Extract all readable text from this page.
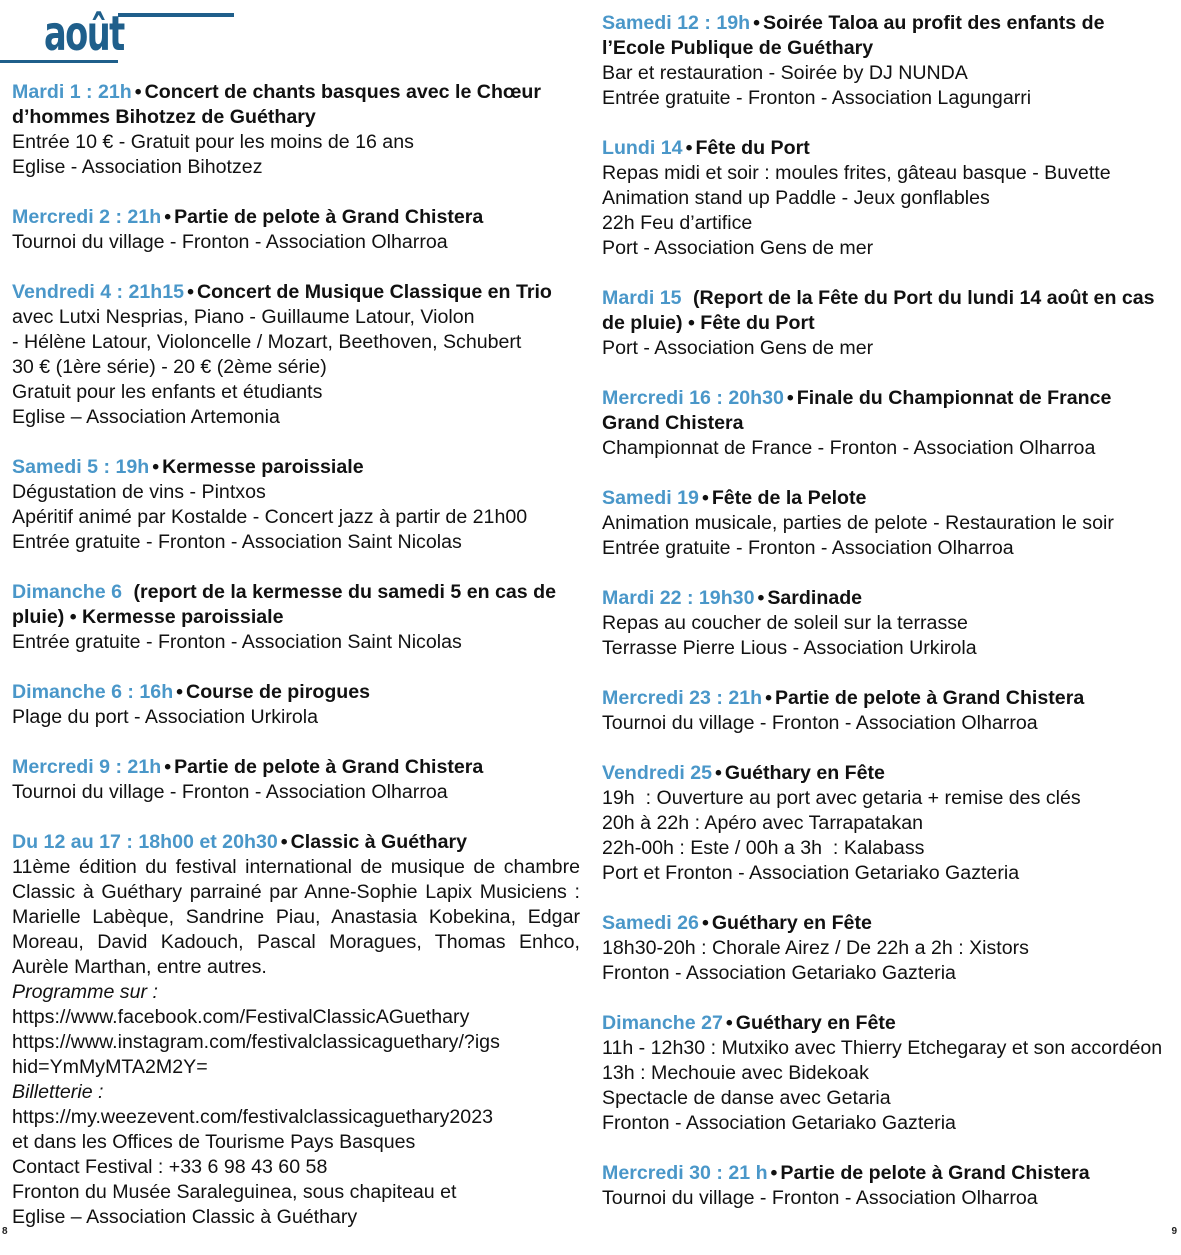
août
Mardi 1 : 21h • Concert de chants basques avec le Chœur d’hommes Bihotzez de Guéthary
Entrée 10 € - Gratuit pour les moins de 16 ans
Eglise - Association Bihotzez
Mercredi 2 : 21h • Partie de pelote à Grand Chistera
Tournoi du village - Fronton - Association Olharroa
Vendredi 4 : 21h15 • Concert de Musique Classique en Trio
avec Lutxi Nesprias, Piano - Guillaume Latour, Violon
- Hélène Latour, Violoncelle / Mozart, Beethoven, Schubert
30 € (1ère série) - 20 € (2ème série)
Gratuit pour les enfants et étudiants
Eglise – Association Artemonia
Samedi 5 : 19h • Kermesse paroissiale
Dégustation de vins - Pintxos
Apéritif animé par Kostalde - Concert jazz à partir de 21h00
Entrée gratuite - Fronton - Association Saint Nicolas
Dimanche 6 (report de la kermesse du samedi 5 en cas de pluie) • Kermesse paroissiale
Entrée gratuite - Fronton - Association Saint Nicolas
Dimanche 6 : 16h • Course de pirogues
Plage du port - Association Urkirola
Mercredi 9 : 21h • Partie de pelote à Grand Chistera
Tournoi du village - Fronton - Association Olharroa
Du 12 au 17 : 18h00 et 20h30 • Classic à Guéthary
11ème édition du festival international de musique de chambre Classic à Guéthary parrainé par Anne-Sophie Lapix Musiciens : Marielle Labèque, Sandrine Piau, Anastasia Kobekina, Edgar Moreau, David Kadouch, Pascal Moragues, Thomas Enhco, Aurèle Marthan, entre autres.
Programme sur :
https://www.facebook.com/FestivalClassicAGuethary
https://www.instagram.com/festivalclassicaguethary/?igs
hid=YmMyMTA2M2Y=
Billetterie :
https://my.weezevent.com/festivalclassicaguethary2023
et dans les Offices de Tourisme Pays Basques
Contact Festival : +33 6 98 43 60 58
Fronton du Musée Saraleguinea, sous chapiteau et
Eglise – Association Classic à Guéthary
Samedi 12 : 19h • Soirée Taloa au profit des enfants de l’Ecole Publique de Guéthary
Bar et restauration - Soirée by DJ NUNDA
Entrée gratuite - Fronton - Association Lagungarri
Lundi 14 • Fête du Port
Repas midi et soir : moules frites, gâteau basque - Buvette
Animation stand up Paddle - Jeux gonflables
22h Feu d’artifice
Port - Association Gens de mer
Mardi 15 (Report de la Fête du Port du lundi 14 août en cas de pluie) • Fête du Port
Port - Association Gens de mer
Mercredi 16 : 20h30 • Finale du Championnat de France Grand Chistera
Championnat de France - Fronton - Association Olharroa
Samedi 19 • Fête de la Pelote
Animation musicale, parties de pelote - Restauration le soir
Entrée gratuite - Fronton - Association Olharroa
Mardi 22 : 19h30 • Sardinade
Repas au coucher de soleil sur la terrasse
Terrasse Pierre Lious - Association Urkirola
Mercredi 23 : 21h • Partie de pelote à Grand Chistera
Tournoi du village - Fronton - Association Olharroa
Vendredi 25 • Guéthary en Fête
19h  : Ouverture au port avec getaria + remise des clés
20h à 22h : Apéro avec Tarrapatakan
22h-00h : Este / 00h a 3h  : Kalabass
Port et Fronton - Association Getariako Gazteria
Samedi 26 • Guéthary en Fête
18h30-20h : Chorale Airez / De 22h a 2h : Xistors
Fronton - Association Getariako Gazteria
Dimanche 27 • Guéthary en Fête
11h - 12h30 : Mutxiko avec Thierry Etchegaray et son accordéon
13h : Mechouie avec Bidekoak
Spectacle de danse avec Getaria
Fronton - Association Getariako Gazteria
Mercredi 30 : 21 h • Partie de pelote à Grand Chistera
Tournoi du village - Fronton - Association Olharroa
8	9
